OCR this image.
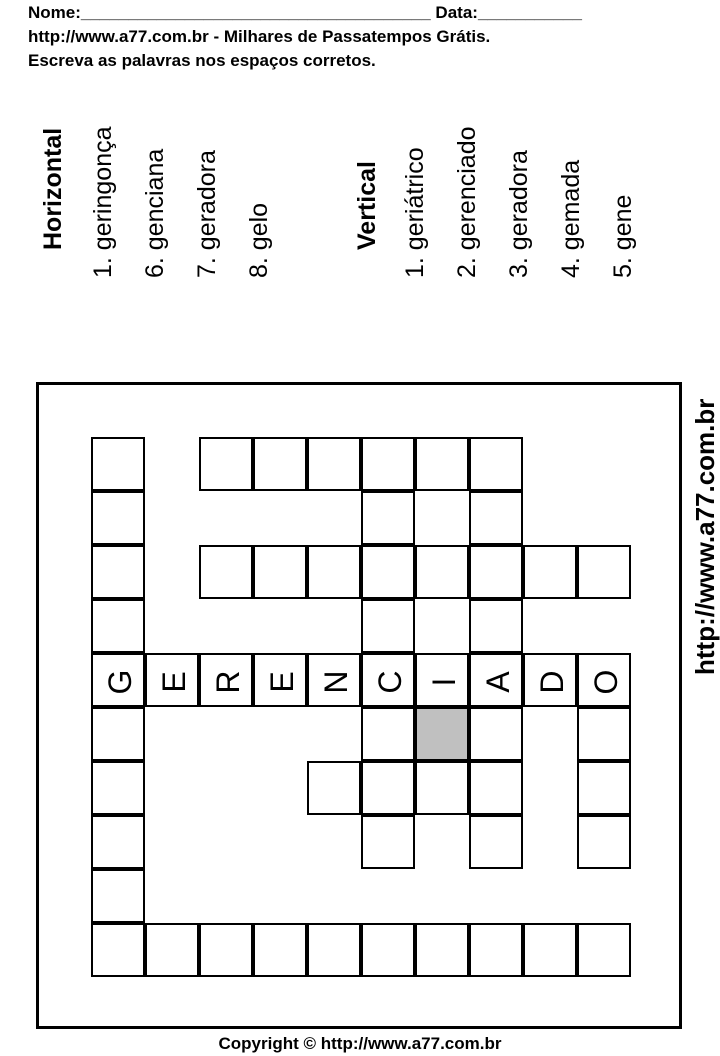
Nome:_____________________________________ Data:___________
http://www.a77.com.br - Milhares de Passatempos Grátis.
Escreva as palavras nos espaços corretos.
Horizontal 1. geringonça 6. genciana 7. geradora 8. gelo	Vertical 1. geriátrico 2. gerenciado 3. geradora 4. gemada 5. gene
G E R E N C I A D O
http://www.a77.com.br
Copyright © http://www.a77.com.br
